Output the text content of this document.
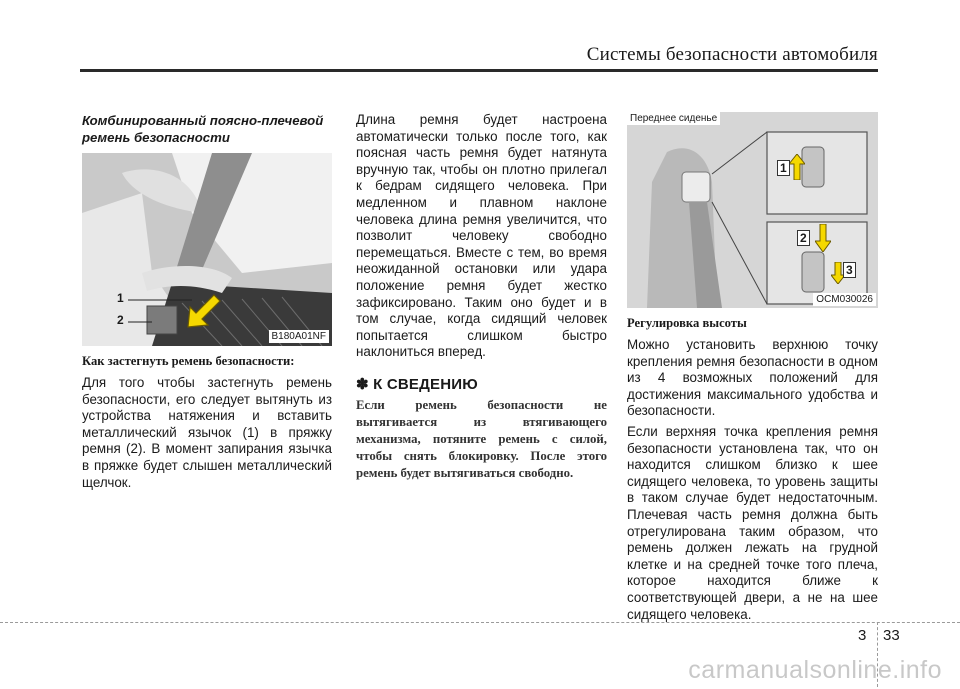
Системы безопасности автомобиля
Комбинированный поясно-плечевой ремень безопасности
1
2
B180A01NF
Как застегнуть ремень безопасности:
Для того чтобы застегнуть ремень безопасности, его следует вытянуть из устройства натяжения и вставить металлический язычок (1) в пряжку ремня (2). В момент запирания язычка в пряжке будет слышен металлический щелчок.
Длина ремня будет настроена автоматически только после того, как поясная часть ремня будет натянута вручную так, чтобы он плотно прилегал к бедрам сидящего человека. При медленном и плавном наклоне человека длина ремня увеличится, что позволит человеку свободно перемещаться. Вместе с тем, во время неожиданной остановки или удара положение ремня будет жестко зафиксировано. Таким оно будет и в том случае, когда сидящий человек попытается слишком быстро наклониться вперед.
✽ К СВЕДЕНИЮ
Если ремень безопасности не вытягивается из втягивающего механизма, потяните ремень с силой, чтобы снять блокировку. После этого ремень будет вытягиваться свободно.
1
2
3
Переднее сиденье
OCM030026
Регулировка высоты
Можно установить верхнюю точку крепления ремня безопасности в одном из 4 возможных положений для достижения максимального удобства и безопасности.
Если верхняя точка крепления ремня безопасности установлена так, что он находится слишком близко к шее сидящего человека, то уровень защиты в таком случае будет недостаточным. Плечевая часть ремня должна быть отрегулирована таким образом, что ремень должен лежать на грудной клетке и на средней точке того плеча, которое находится ближе к соответствующей двери, а не на шее сидящего человека.
3 33
carmanualsonline.info
